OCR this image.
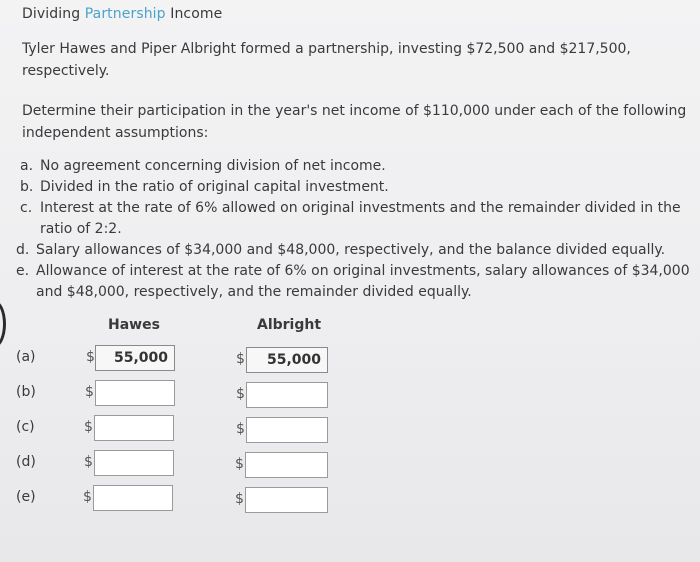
Dividing Partnership Income

Tyler Hawes and Piper Albright formed a partnership, investing $72,500 and $217,500, respectively.

Determine their participation in the year's net income of $110,000 under each of the following independent assumptions:

a. No agreement concerning division of net income.
b. Divided in the ratio of original capital investment.
c. Interest at the rate of 6% allowed on original investments and the remainder divided in the ratio of 2:2.
d. Salary allowances of $34,000 and $48,000, respectively, and the balance divided equally.
e. Allowance of interest at the rate of 6% on original investments, salary allowances of $34,000 and $48,000, respectively, and the remainder divided equally.
Hawes	Albright
(a)	$	55,000	$	55,000
(b)	$	$
(c)	$	$
(d)	$	$
(e)	$	$
